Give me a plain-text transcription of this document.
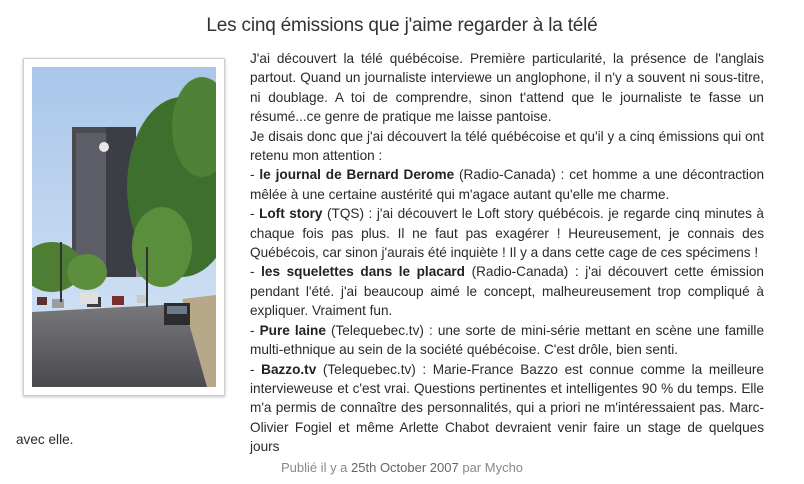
Les cinq émissions que j'aime regarder à la télé

J'ai découvert la télé québécoise. Première particularité, la présence de l'anglais partout. Quand un journaliste interviewe un anglophone, il n'y a souvent ni sous-titre, ni doublage. A toi de comprendre, sinon t'attend que le journaliste te fasse un résumé...ce genre de pratique me laisse pantoise.

Je disais donc que j'ai découvert la télé québécoise et qu'il y a cinq émissions qui ont retenu mon attention :

- le journal de Bernard Derome (Radio-Canada) : cet homme a une décontraction mêlée à une certaine austérité qui m'agace autant qu'elle me charme.

- Loft story (TQS) : j'ai découvert le Loft story québécois. je regarde cinq minutes à chaque fois pas plus. Il ne faut pas exagérer ! Heureusement, je connais des Québécois, car sinon j'aurais été inquiète ! Il y a dans cette cage de ces spécimens !

- les squelettes dans le placard (Radio-Canada) : j'ai découvert cette émission pendant l'été. j'ai beaucoup aimé le concept, malheureusement trop compliqué à expliquer. Vraiment fun.

- Pure laine (Telequebec.tv) : une sorte de mini-série mettant en scène une famille multi-ethnique au sein de la société québécoise. C'est drôle, bien senti.

- Bazzo.tv (Telequebec.tv) : Marie-France Bazzo est connue comme la meilleure intervieweuse et c'est vrai. Questions pertinentes et intelligentes 90 % du temps. Elle m'a permis de connaître des personnalités, qui a priori ne m'intéressaient pas. Marc-Olivier Fogiel et même Arlette Chabot devraient venir faire un stage de quelques jours

avec elle.
Publié il y a 25th October 2007 par Mycho
